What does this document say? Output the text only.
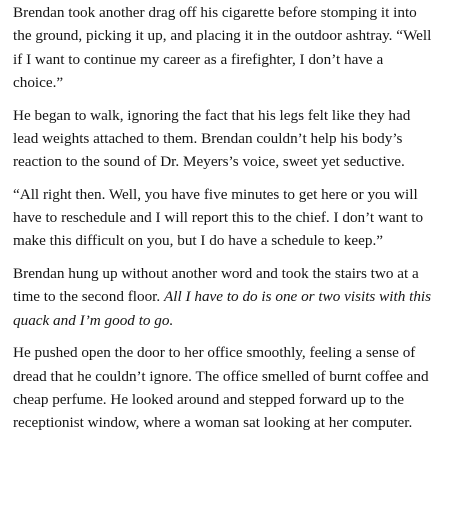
Brendan took another drag off his cigarette before stomping it into the ground, picking it up, and placing it in the outdoor ashtray. “Well if I want to continue my career as a firefighter, I don’t have a choice.”

He began to walk, ignoring the fact that his legs felt like they had lead weights attached to them. Brendan couldn’t help his body’s reaction to the sound of Dr. Meyers’s voice, sweet yet seductive.

“All right then. Well, you have five minutes to get here or you will have to reschedule and I will report this to the chief. I don’t want to make this difficult on you, but I do have a schedule to keep.”

Brendan hung up without another word and took the stairs two at a time to the second floor. All I have to do is one or two visits with this quack and I’m good to go.

He pushed open the door to her office smoothly, feeling a sense of dread that he couldn’t ignore. The office smelled of burnt coffee and cheap perfume. He looked around and stepped forward up to the receptionist window, where a woman sat looking at her computer.
